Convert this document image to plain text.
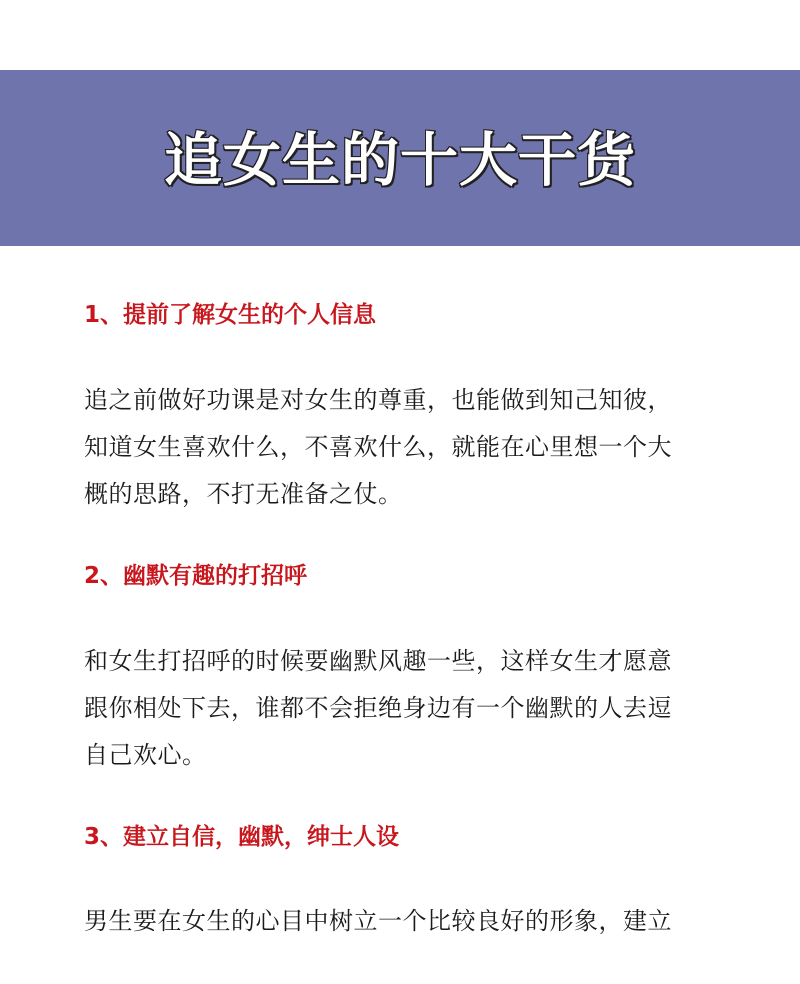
追女生的十大干货
1、提前了解女生的个人信息
追之前做好功课是对女生的尊重，也能做到知己知彼，
知道女生喜欢什么，不喜欢什么，就能在心里想一个大
概的思路，不打无准备之仗。
2、幽默有趣的打招呼
和女生打招呼的时候要幽默风趣一些，这样女生才愿意
跟你相处下去，谁都不会拒绝身边有一个幽默的人去逗
自己欢心。
3、建立自信，幽默，绅士人设
男生要在女生的心目中树立一个比较良好的形象，建立
